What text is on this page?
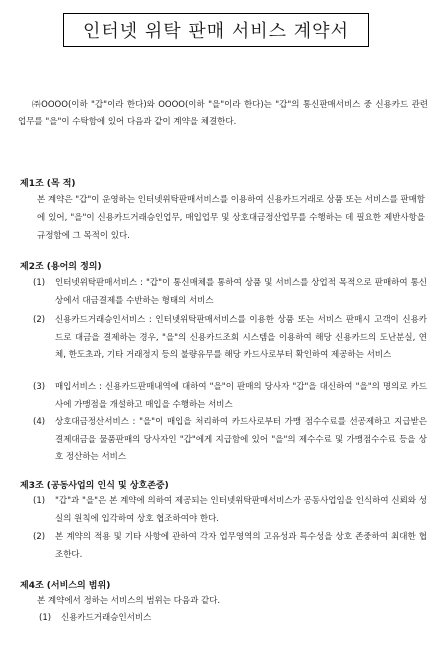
인터넷 위탁 판매 서비스 계약서
㈜OOOO(이하 "갑"이라 한다)와 OOOO(이하 "을"이라 한다)는 "갑"의 통신판매서비스 중 신용카드 관련업무를 "을"이 수탁함에 있어 다음과 같이 계약을 체결한다.
제1조 (목 적)
본 계약은 "갑"이 운영하는 인터넷위탁판매서비스를 이용하여 신용카드거래로 상품 또는 서비스를 판매함에 있어, "을"이 신용카드거래승인업무, 매입업무 및 상호대금정산업무를 수행하는 데 필요한 제반사항을 규정함에 그 목적이 있다.
제2조 (용어의 정의)
(1)	인터넷위탁판매서비스 : "갑"이 통신매체를 통하여 상품 및 서비스를 상업적 목적으로 판매하여 통신상에서 대금결제를 수반하는 형태의 서비스
(2)	신용카드거래승인서비스 : 인터넷위탁판매서비스를 이용한 상품 또는 서비스 판매시 고객이 신용카드로 대금을 결제하는 경우, "을"의 신용카드조회 시스템을 이용하여 해당 신용카드의 도난분실, 연체, 한도초과, 기타 거래정지 등의 불량유무를 해당 카드사로부터 확인하여 제공하는 서비스
(3)	매입서비스 : 신용카드판매내역에 대하여 "을"이 판매의 당사자 "갑"을 대신하여 "을"의 명의로 카드사에 가맹점을 개설하고 매입을 수행하는 서비스
(4)	상호대금정산서비스 : "을"이 매입을 처리하여 카드사로부터 가맹 점수수료를 선공제하고 지급받은 결제대금을 물품판매의 당사자인 "갑"에게 지급함에 있어 "을"의 제수수료 및 가맹점수수료 등을 상호 정산하는 서비스
제3조 (공동사업의 인식 및 상호존중)
(1)	"갑"과 "을"은 본 계약에 의하여 제공되는 인터넷위탁판매서비스가 공동사업임을 인식하여 신뢰와 성실의 원칙에 입각하여 상호 협조하여야 한다.
(2)	본 계약의 적용 및 기타 사항에 관하여 각자 업무영역의 고유성과 특수성을 상호 존중하여 최대한 협조한다.
제4조 (서비스의 범위)
본 계약에서 정하는 서비스의 범위는 다음과 같다.
(1)	신용카드거래승인서비스
